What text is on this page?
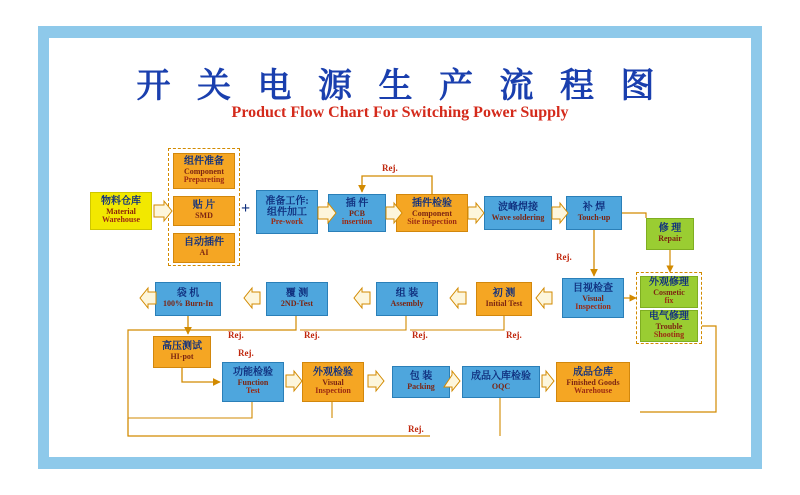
开 关 电 源 生 产 流 程 图
Product Flow Chart For Switching Power Supply
物料仓库
Material
Warehouse
组件准备
Component
Prepareting
贴 片
SMD
自动插件
AI
+ 准备工作:
组件加工
Pre-work
插 件
PCB
insertion
插件检验
Component
Site inspection
波峰焊接
Wave soldering
补 焊
Touch-up
修 理
Repair
外观修理
Cosmetic
fix
电气修理
Trouble
Shooting
目视检查
Visual
Inspection
初 测
Initial Test
组 装
Assembly
覆 测
2ND-Test
袋 机
100% Burn-In
高压测试
HI-pot
功能检验
Function
Test
外观检验
Visual
Inspection
包 装
Packing
成品入库检验
OQC
成品仓库
Finished Goods
Warehouse
Rej.
Rej.
Rej.	Rej.	Rej.	Rej.
Rej.
Rej.
